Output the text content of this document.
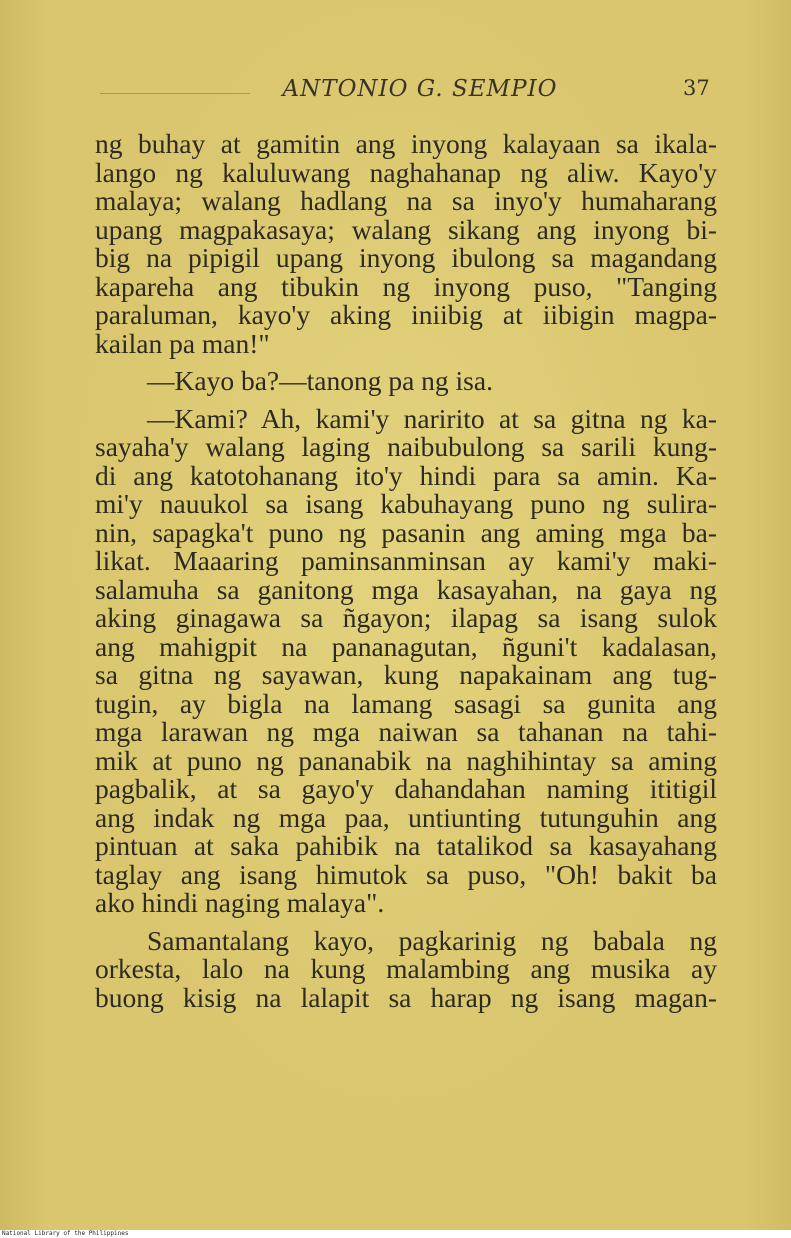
ANTONIO G. SEMPIO	37
ng buhay at gamitin ang inyong kalayaan sa ikala-
lango ng kaluluwang naghahanap ng aliw. Kayo'y
malaya; walang hadlang na sa inyo'y humaharang
upang magpakasaya; walang sikang ang inyong bi-
big na pipigil upang inyong ibulong sa magandang
kapareha ang tibukin ng inyong puso, "Tanging
paraluman, kayo'y aking iniibig at iibigin magpa-
kailan pa man!"
—Kayo ba?—tanong pa ng isa.
—Kami? Ah, kami'y naririto at sa gitna ng ka-
sayaha'y walang laging naibubulong sa sarili kung-
di ang katotohanang ito'y hindi para sa amin. Ka-
mi'y nauukol sa isang kabuhayang puno ng sulira-
nin, sapagka't puno ng pasanin ang aming mga ba-
likat. Maaaring paminsanminsan ay kami'y maki-
salamuha sa ganitong mga kasayahan, na gaya ng
aking ginagawa sa ñgayon; ilapag sa isang sulok
ang mahigpit na pananagutan, ñguni't kadalasan,
sa gitna ng sayawan, kung napakainam ang tug-
tugin, ay bigla na lamang sasagi sa gunita ang
mga larawan ng mga naiwan sa tahanan na tahi-
mik at puno ng pananabik na naghihintay sa aming
pagbalik, at sa gayo'y dahandahan naming ititigil
ang indak ng mga paa, untiunting tutunguhin ang
pintuan at saka pahibik na tatalikod sa kasayahang
taglay ang isang himutok sa puso, "Oh! bakit ba
ako hindi naging malaya".
Samantalang kayo, pagkarinig ng babala ng
orkesta, lalo na kung malambing ang musika ay
buong kisig na lalapit sa harap ng isang magan-
National Library of the Philippines
